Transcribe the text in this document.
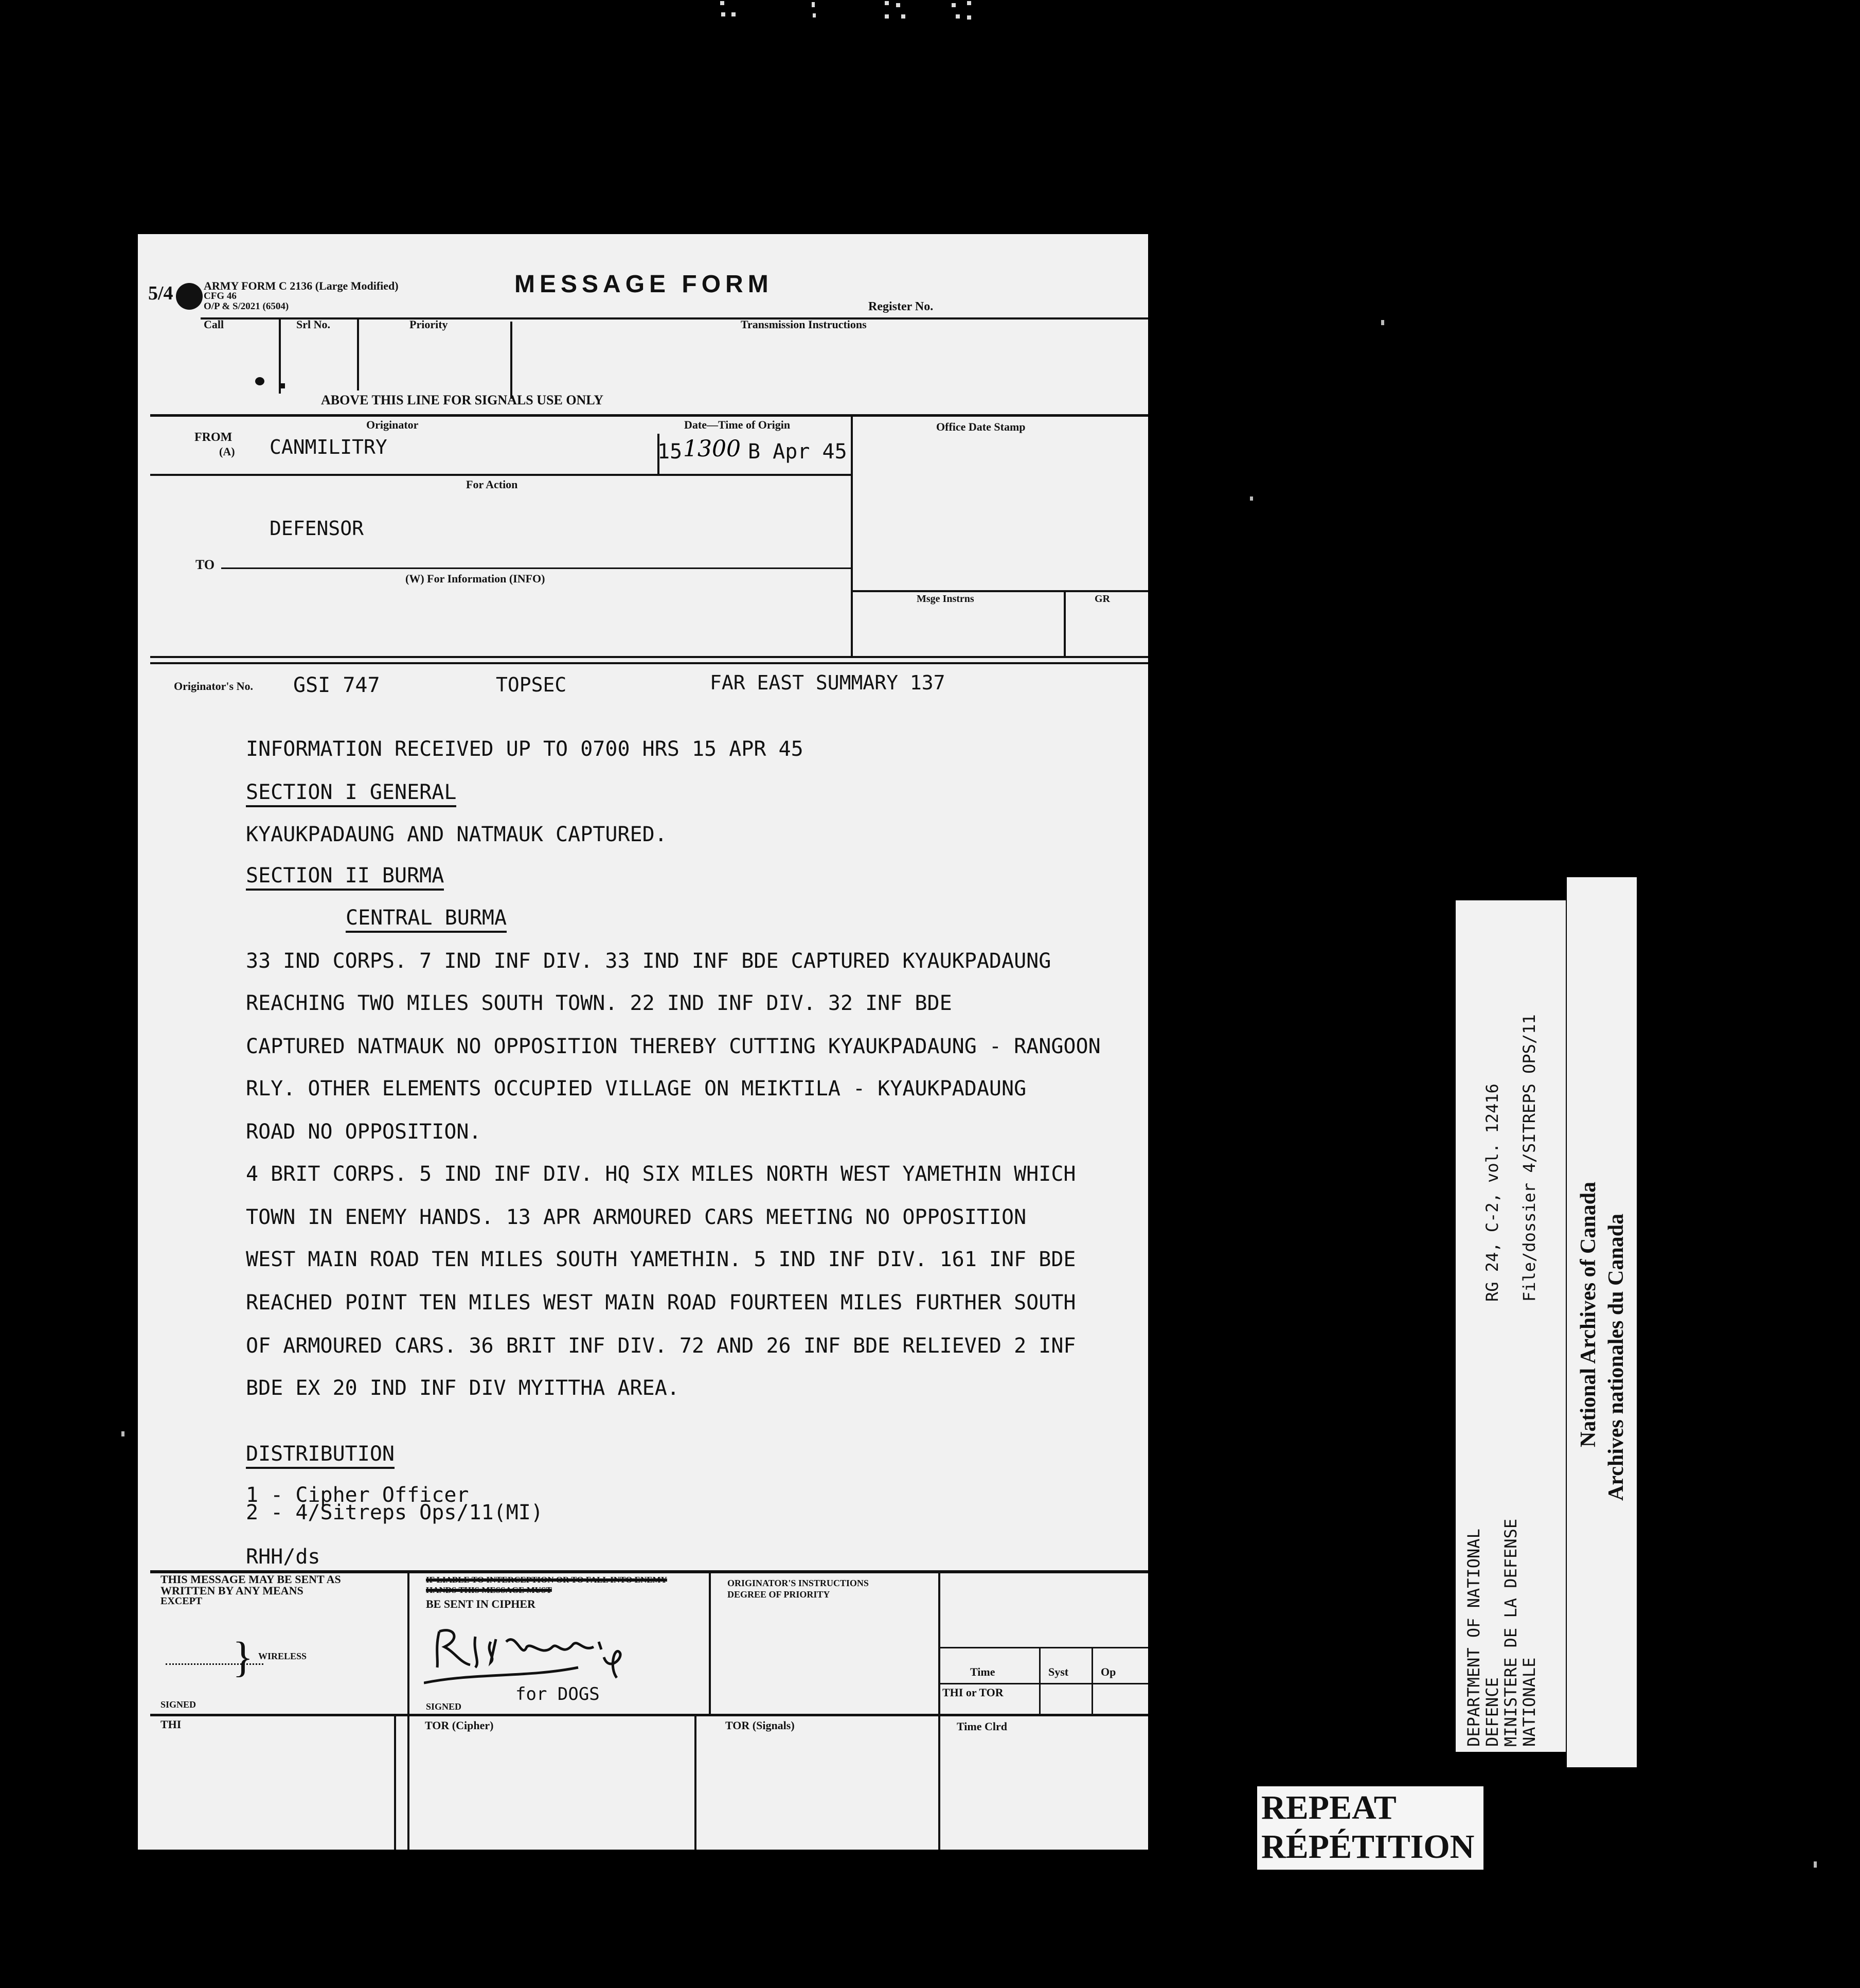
5/4	ARMY FORM C 2136 (Large Modified)
CFG 46
O/P & S/2021 (6504)
MESSAGE FORM
Register No.
Call	Srl No.	Priority	Transmission Instructions
ABOVE THIS LINE FOR SIGNALS USE ONLY
Originator	Date—Time of Origin	Office Date Stamp
FROM
(A) CANMILITRY	15 1300 B Apr 45
For Action
DEFENSOR
TO
(W) For Information (INFO)
Msge Instrns	GR
Originator's No. GSI 747	TOPSEC	FAR EAST SUMMARY 137
INFORMATION RECEIVED UP TO 0700 HRS 15 APR 45
SECTION I GENERAL
KYAUKPADAUNG AND NATMAUK CAPTURED.
SECTION II BURMA
CENTRAL BURMA
33 IND CORPS. 7 IND INF DIV. 33 IND INF BDE CAPTURED KYAUKPADAUNG
REACHING TWO MILES SOUTH TOWN. 22 IND INF DIV. 32 INF BDE
CAPTURED NATMAUK NO OPPOSITION THEREBY CUTTING KYAUKPADAUNG - RANGOON
RLY. OTHER ELEMENTS OCCUPIED VILLAGE ON MEIKTILA - KYAUKPADAUNG
ROAD NO OPPOSITION.
4 BRIT CORPS. 5 IND INF DIV. HQ SIX MILES NORTH WEST YAMETHIN WHICH
TOWN IN ENEMY HANDS. 13 APR ARMOURED CARS MEETING NO OPPOSITION
WEST MAIN ROAD TEN MILES SOUTH YAMETHIN. 5 IND INF DIV. 161 INF BDE
REACHED POINT TEN MILES WEST MAIN ROAD FOURTEEN MILES FURTHER SOUTH
OF ARMOURED CARS. 36 BRIT INF DIV. 72 AND 26 INF BDE RELIEVED 2 INF
BDE EX 20 IND INF DIV MYITTHA AREA.
DISTRIBUTION
1 - Cipher Officer
2 - 4/Sitreps Ops/11(MI)
RHH/ds
THIS MESSAGE MAY BE SENT AS
WRITTEN BY ANY MEANS
EXCEPT
} WIRELESS
SIGNED
IF LIABLE TO INTERCEPTION OR TO FALL INTO ENEMY HANDS THIS MESSAGE MUST
BE SENT IN CIPHER
for DOGS
SIGNED
ORIGINATOR'S INSTRUCTIONS
DEGREE OF PRIORITY
Time	Syst	Op
THI or TOR
THI	TOR (Cipher)	TOR (Signals)	Time Clrd	DEPARTMENT OF NATIONAL
DEFENCE
MINISTERE DE LA DEFENSE
NATIONALE
RG 24, C-2, vol. 12416 File/dossier 4/SITREPS OPS/11
National Archives of Canada Archives nationales du Canada
REPEAT
RÉPÉTITION
